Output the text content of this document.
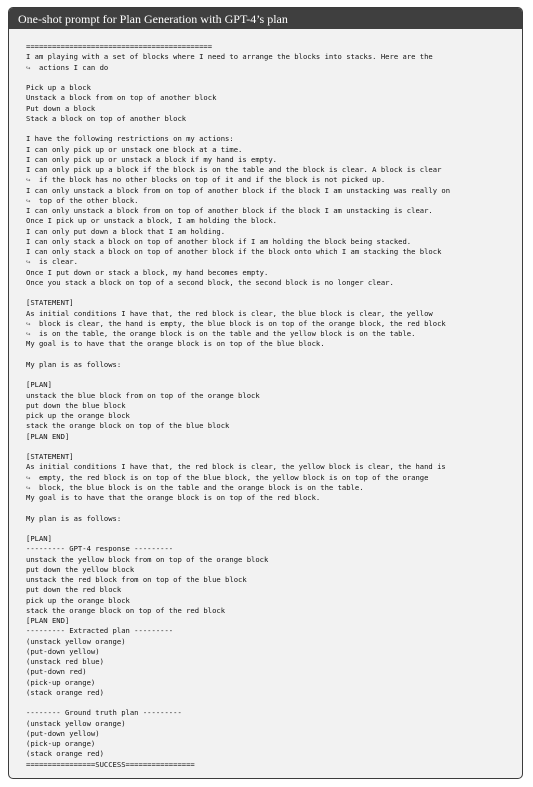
One-shot prompt for Plan Generation with GPT-4’s plan
===========================================
I am playing with a set of blocks where I need to arrange the blocks into stacks. Here are the
↪  actions I can do
Pick up a block
Unstack a block from on top of another block
Put down a block
Stack a block on top of another block
I have the following restrictions on my actions:
I can only pick up or unstack one block at a time.
I can only pick up or unstack a block if my hand is empty.
I can only pick up a block if the block is on the table and the block is clear. A block is clear
↪  if the block has no other blocks on top of it and if the block is not picked up.
I can only unstack a block from on top of another block if the block I am unstacking was really on
↪  top of the other block.
I can only unstack a block from on top of another block if the block I am unstacking is clear.
Once I pick up or unstack a block, I am holding the block.
I can only put down a block that I am holding.
I can only stack a block on top of another block if I am holding the block being stacked.
I can only stack a block on top of another block if the block onto which I am stacking the block
↪  is clear.
Once I put down or stack a block, my hand becomes empty.
Once you stack a block on top of a second block, the second block is no longer clear.
[STATEMENT]
As initial conditions I have that, the red block is clear, the blue block is clear, the yellow
↪  block is clear, the hand is empty, the blue block is on top of the orange block, the red block
↪  is on the table, the orange block is on the table and the yellow block is on the table.
My goal is to have that the orange block is on top of the blue block.
My plan is as follows:
[PLAN]
unstack the blue block from on top of the orange block
put down the blue block
pick up the orange block
stack the orange block on top of the blue block
[PLAN END]
[STATEMENT]
As initial conditions I have that, the red block is clear, the yellow block is clear, the hand is
↪  empty, the red block is on top of the blue block, the yellow block is on top of the orange
↪  block, the blue block is on the table and the orange block is on the table.
My goal is to have that the orange block is on top of the red block.
My plan is as follows:
[PLAN]
--------- GPT-4 response ---------
unstack the yellow block from on top of the orange block
put down the yellow block
unstack the red block from on top of the blue block
put down the red block
pick up the orange block
stack the orange block on top of the red block
[PLAN END]
--------- Extracted plan ---------
(unstack yellow orange)
(put-down yellow)
(unstack red blue)
(put-down red)
(pick-up orange)
(stack orange red)
-------- Ground truth plan ---------
(unstack yellow orange)
(put-down yellow)
(pick-up orange)
(stack orange red)
================SUCCESS================
